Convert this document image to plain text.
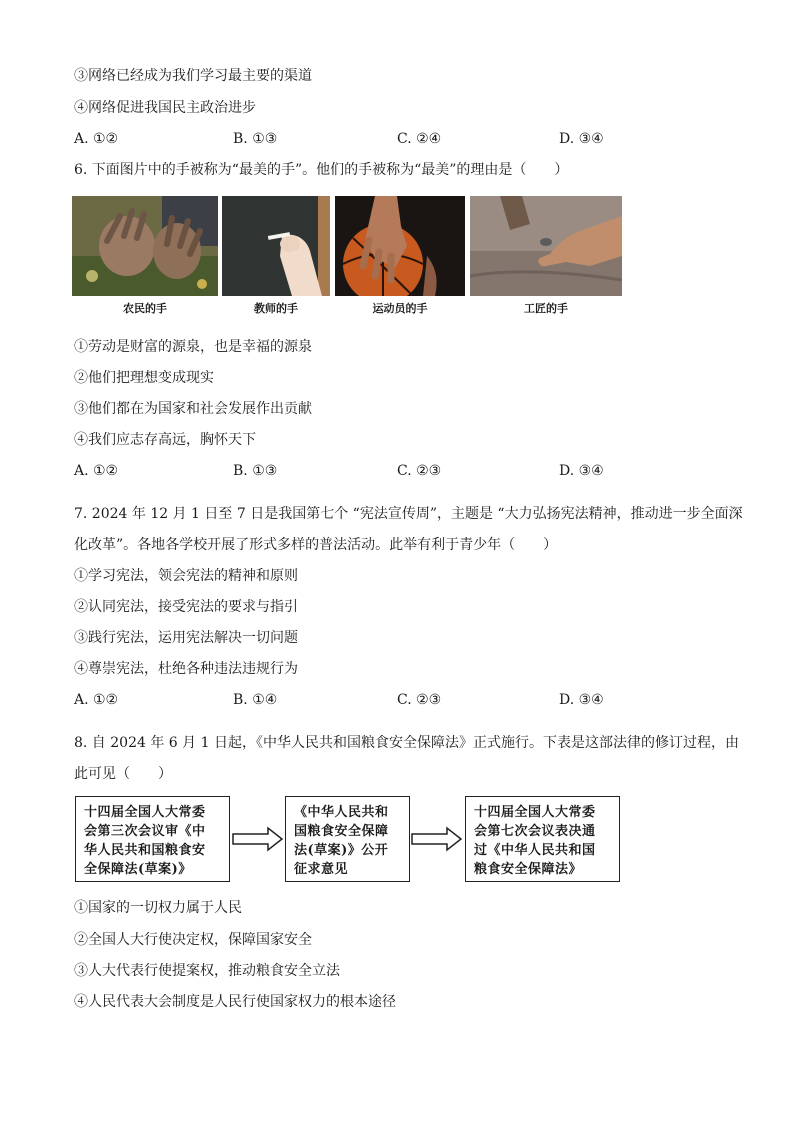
③网络已经成为我们学习最主要的渠道
④网络促进我国民主政治进步
A. ①②	B. ①③	C. ②④	D. ③④
6. 下面图片中的手被称为“最美的手”。他们的手被称为“最美”的理由是（　　）
农民的手	教师的手	运动员的手	工匠的手
①劳动是财富的源泉，也是幸福的源泉
②他们把理想变成现实
③他们都在为国家和社会发展作出贡献
④我们应志存高远，胸怀天下
A. ①②	B. ①③	C. ②③	D. ③④
7. 2024 年 12 月 1 日至 7 日是我国第七个 “宪法宣传周”，主题是 “大力弘扬宪法精神，推动进一步全面深
化改革”。各地各学校开展了形式多样的普法活动。此举有利于青少年（　　）
①学习宪法，领会宪法的精神和原则
②认同宪法，接受宪法的要求与指引
③践行宪法，运用宪法解决一切问题
④尊崇宪法，杜绝各种违法违规行为
A. ①②	B. ①④	C. ②③	D. ③④
8. 自 2024 年 6 月 1 日起，《中华人民共和国粮食安全保障法》正式施行。下表是这部法律的修订过程，由
此可见（　　）
十四届全国人大常委
会第三次会议审《中
华人民共和国粮食安
全保障法(草案)》
《中华人民共和
国粮食安全保障
法(草案)》公开
征求意见
十四届全国人大常委
会第七次会议表决通
过《中华人民共和国
粮食安全保障法》
①国家的一切权力属于人民
②全国人大行使决定权，保障国家安全
③人大代表行使提案权，推动粮食安全立法
④人民代表大会制度是人民行使国家权力的根本途径
